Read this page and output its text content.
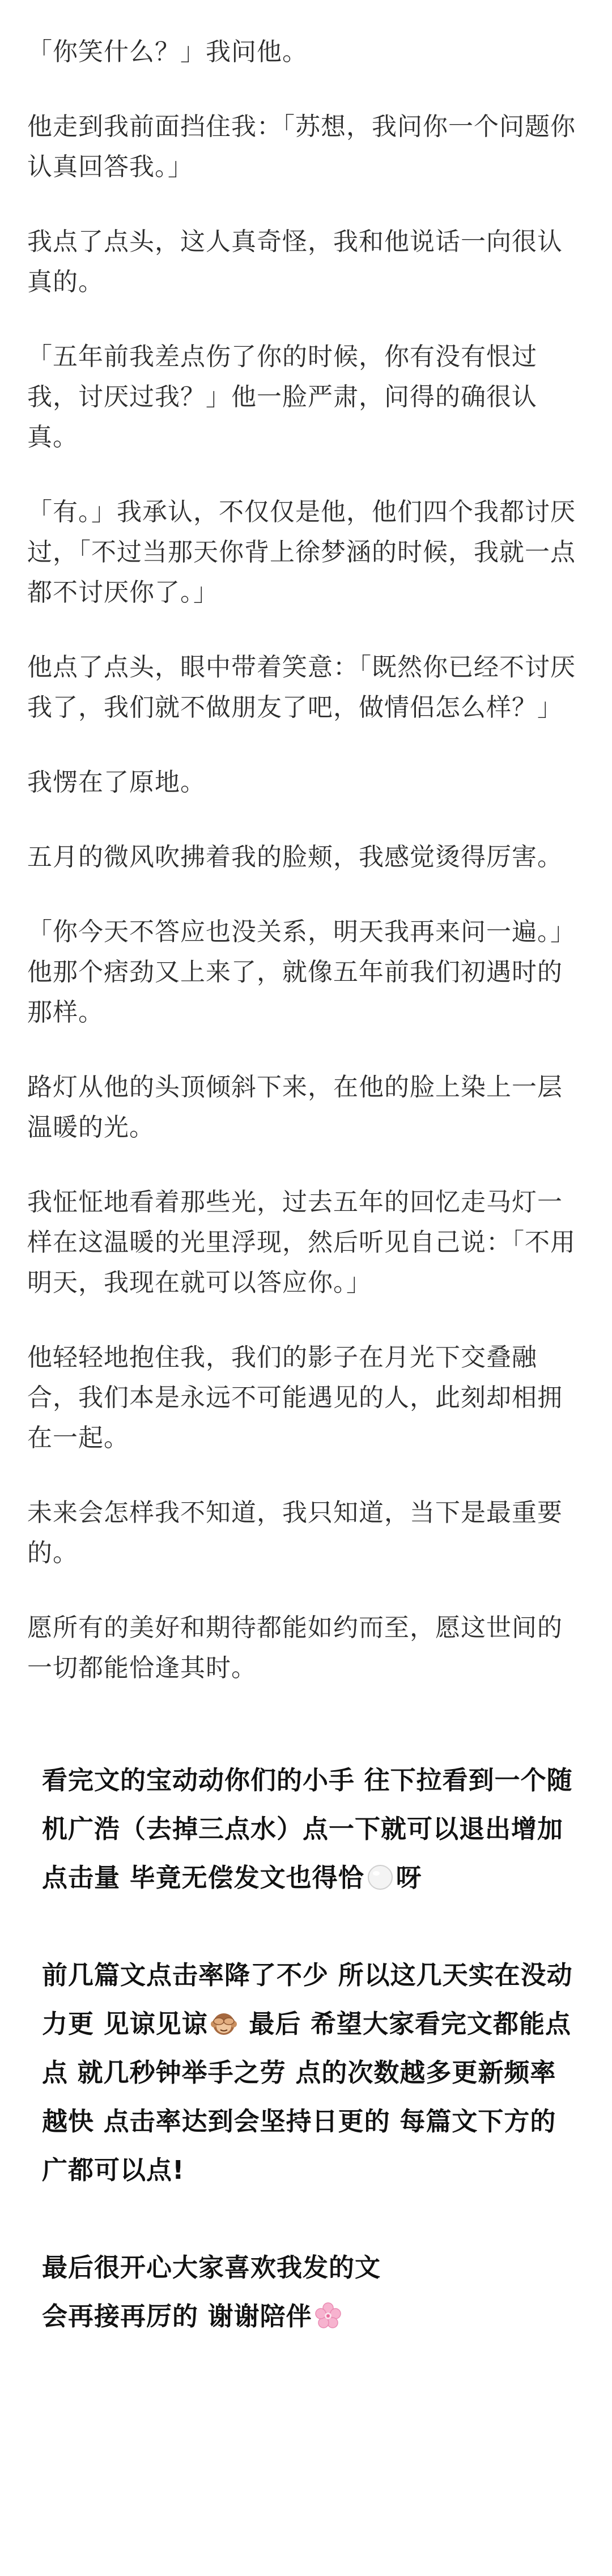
「你笑什么？」我问他。

他走到我前面挡住我：「苏想，我问你一个问题你认真回答我。」

我点了点头，这人真奇怪，我和他说话一向很认真的。

「五年前我差点伤了你的时候，你有没有恨过我，讨厌过我？」他一脸严肃，问得的确很认真。

「有。」我承认，不仅仅是他，他们四个我都讨厌过，「不过当那天你背上徐梦涵的时候，我就一点都不讨厌你了。」

他点了点头，眼中带着笑意：「既然你已经不讨厌我了，我们就不做朋友了吧，做情侣怎么样？」

我愣在了原地。

五月的微风吹拂着我的脸颊，我感觉烫得厉害。

「你今天不答应也没关系，明天我再来问一遍。」他那个痞劲又上来了，就像五年前我们初遇时的那样。

路灯从他的头顶倾斜下来，在他的脸上染上一层温暖的光。

我怔怔地看着那些光，过去五年的回忆走马灯一样在这温暖的光里浮现，然后听见自己说：「不用明天，我现在就可以答应你。」

他轻轻地抱住我，我们的影子在月光下交叠融合，我们本是永远不可能遇见的人，此刻却相拥在一起。

未来会怎样我不知道，我只知道，当下是最重要的。

愿所有的美好和期待都能如约而至，愿这世间的一切都能恰逢其时。

看完文的宝动动你们的小手 往下拉看到一个随机广浩（去掉三点水）点一下就可以退出增加点击量 毕竟无偿发文也得恰 呀

前几篇文点击率降了不少 所以这几天实在没动力更 见谅见谅 最后 希望大家看完文都能点点 就几秒钟举手之劳 点的次数越多更新频率越快 点击率达到会坚持日更的 每篇文下方的广都可以点!

最后很开心大家喜欢我发的文
会再接再厉的 谢谢陪伴
